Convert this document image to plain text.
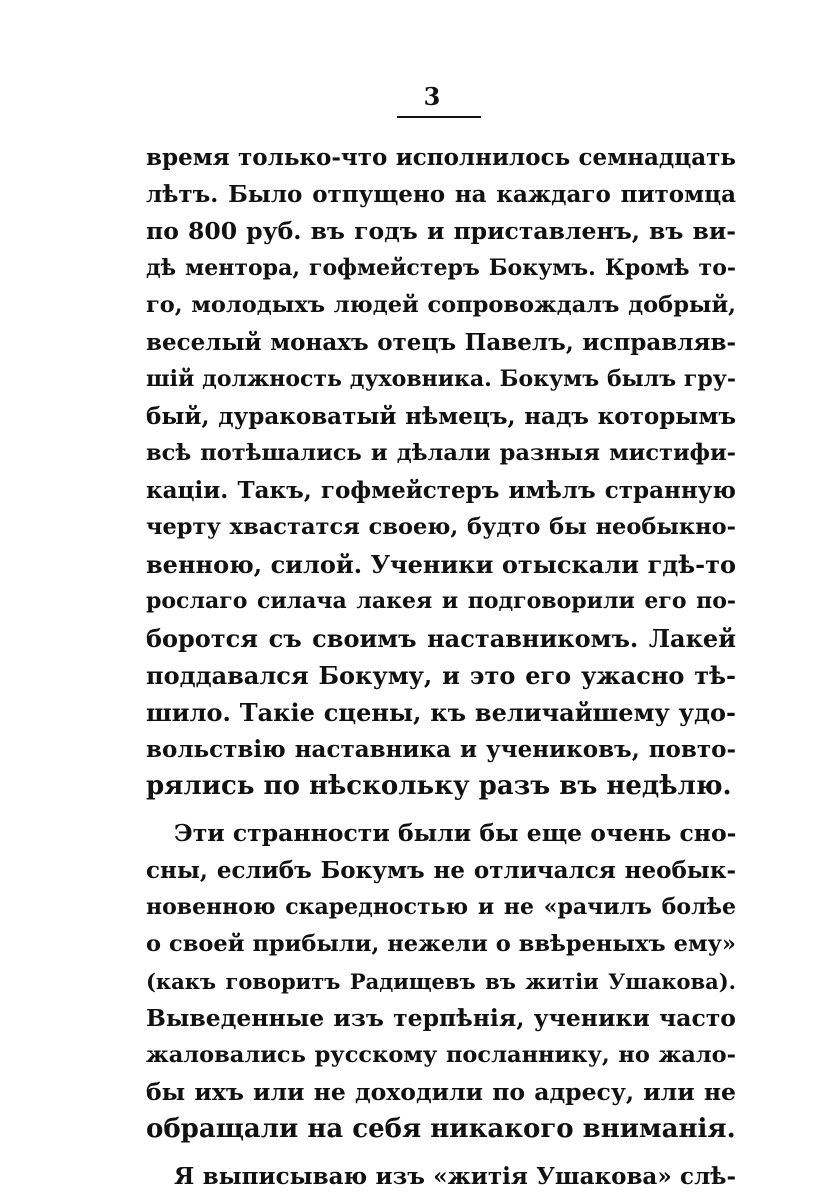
3
время только-что исполнилось семнадцать
лѣтъ. Было отпущено на каждаго питомца
по 800 руб. въ годъ и приставленъ, въ ви-
дѣ ментора, гофмейстеръ Бокумъ. Кромѣ то-
го, молодыхъ людей сопровождалъ добрый,
веселый монахъ отецъ Павелъ, исправляв-
шій должность духовника. Бокумъ былъ гру-
бый, дураковатый нѣмецъ, надъ которымъ
всѣ потѣшались и дѣлали разныя мистифи-
каціи. Такъ, гофмейстеръ имѣлъ странную
черту хвастатся своею, будто бы необыкно-
венною, силой. Ученики отыскали гдѣ-то
рослаго силача лакея и подговорили его по-
боротся съ своимъ наставникомъ. Лакей
поддавался Бокуму, и это его ужасно тѣ-
шило. Такіе сцены, къ величайшему удо-
вольствію наставника и учениковъ, повто-
рялись по нѣскольку разъ въ недѣлю.
Эти странности были бы еще очень сно-
сны, еслибъ Бокумъ не отличался необык-
новенною скаредностью и не «рачилъ болѣе
о своей прибыли, нежели о ввѣреныхъ ему»
(какъ говоритъ Радищевъ въ житіи Ушакова).
Выведенные изъ терпѣнія, ученики часто
жаловались русскому посланнику, но жало-
бы ихъ или не доходили по адресу, или не
обращали на себя никакого вниманія.
Я выписываю изъ «житія Ушакова» слѣ-
